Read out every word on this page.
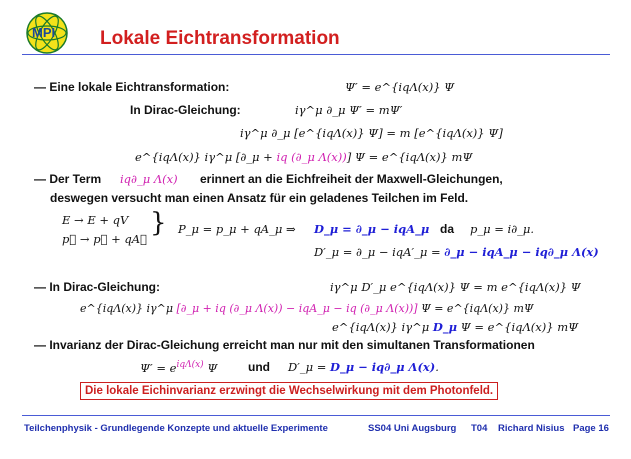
MPI Lokale Eichtransformation
— Eine lokale Eichtransformation:	Ψ′ = e^{iqΛ(x)} Ψ
In Dirac-Gleichung:	iγ^μ ∂_μ Ψ′ = mΨ′
iγ^μ ∂_μ [e^{iqΛ(x)} Ψ] = m [e^{iqΛ(x)} Ψ]
e^{iqΛ(x)} iγ^μ [∂_μ + iq (∂_μ Λ(x))] Ψ = e^{iqΛ(x)} mΨ
— Der Term iq∂_μ Λ(x) erinnert an die Eichfreiheit der Maxwell-Gleichungen,
deswegen versucht man einen Ansatz für ein geladenes Teilchen im Feld.
E → E + qV
p⃗ → p⃗ + qA⃗
} P_μ = p_μ + qA_μ ⇒ D_μ = ∂_μ − iqA_μ da p_μ = i∂_μ.
D′_μ = ∂_μ − iqA′_μ = ∂_μ − iqA_μ − iq∂_μ Λ(x)
— In Dirac-Gleichung:	iγ^μ D′_μ e^{iqΛ(x)} Ψ = m e^{iqΛ(x)} Ψ
e^{iqΛ(x)} iγ^μ [∂_μ + iq (∂_μ Λ(x)) − iqA_μ − iq (∂_μ Λ(x))] Ψ = e^{iqΛ(x)} mΨ
e^{iqΛ(x)} iγ^μ D_μ Ψ = e^{iqΛ(x)} mΨ
— Invarianz der Dirac-Gleichung erreicht man nur mit den simultanen Transformationen
$\Psi' = e^{iq\Lambda(x)}$ Ψ	und D′_μ = D_μ − iq∂_μ Λ(x).
Die lokale Eichinvarianz erzwingt die Wechselwirkung mit dem Photonfeld.
Teilchenphysik - Grundlegende Konzepte und aktuelle Experimente	SS04 Uni Augsburg T04 Richard Nisius Page 16
